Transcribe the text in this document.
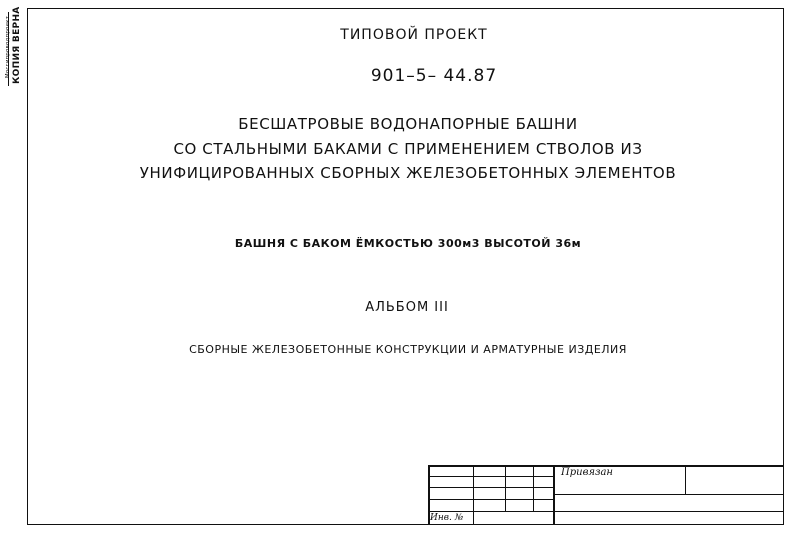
Мосгипроводпроект КОПИЯ ВЕРНА	ТИПОВОЙ ПРОЕКТ
901–5– 44.87
БЕСШАТРОВЫЕ ВОДОНАПОРНЫЕ БАШНИ
СО СТАЛЬНЫМИ БАКАМИ С ПРИМЕНЕНИЕМ СТВОЛОВ ИЗ
УНИФИЦИРОВАННЫХ СБОРНЫХ ЖЕЛЕЗОБЕТОННЫХ ЭЛЕМЕНТОВ
БАШНЯ С БАКОМ ЁМКОСТЬЮ 300м3 ВЫСОТОЙ 36м
АЛЬБОМ III
СБОРНЫЕ ЖЕЛЕЗОБЕТОННЫЕ КОНСТРУКЦИИ И АРМАТУРНЫЕ ИЗДЕЛИЯ
Привязан
Инв. №
